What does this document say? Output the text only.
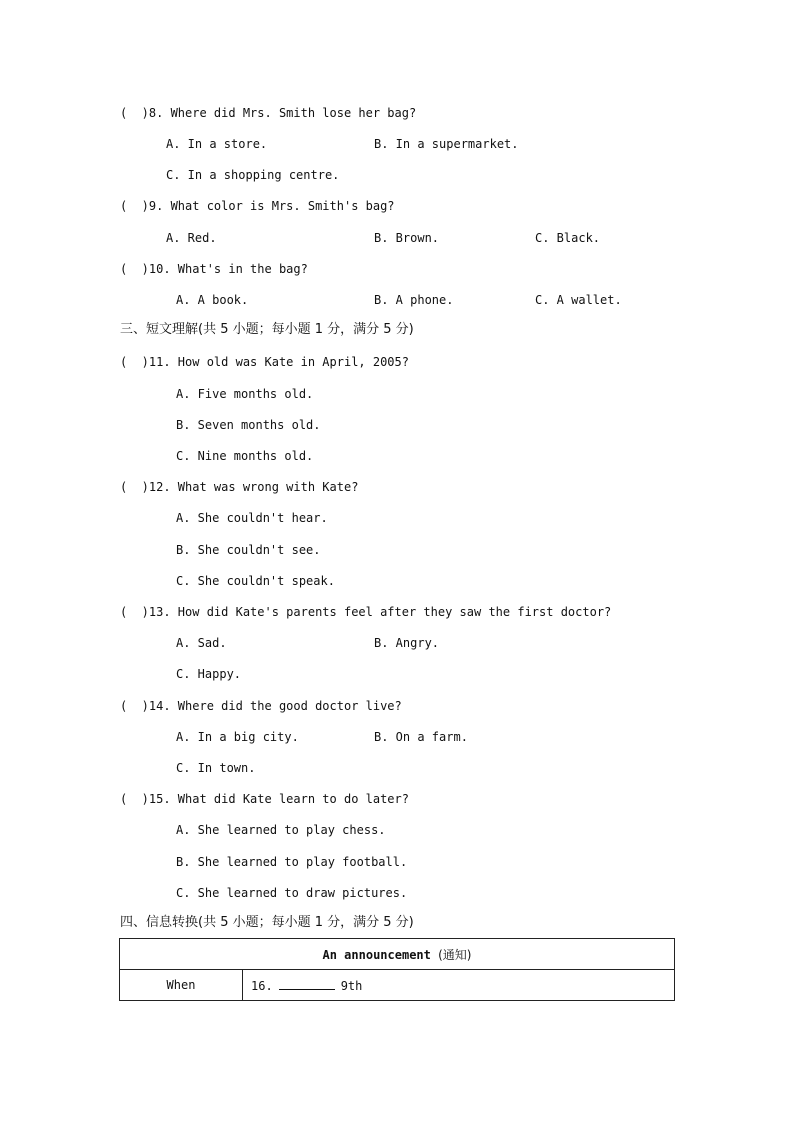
(  )8. Where did Mrs. Smith lose her bag?
A. In a store.	B. In a supermarket.
C. In a shopping centre.
(  )9. What color is Mrs. Smith's bag?
A. Red.	B. Brown.	C. Black.
(  )10. What's in the bag?
A. A book.	B. A phone.	C. A wallet.
三、短文理解(共 5 小题；每小题 1 分，满分 5 分)
(  )11. How old was Kate in April, 2005?
A. Five months old.
B. Seven months old.
C. Nine months old.
(  )12. What was wrong with Kate?
A. She couldn't hear.
B. She couldn't see.
C. She couldn't speak.
(  )13. How did Kate's parents feel after they saw the first doctor?
A. Sad.	B. Angry.
C. Happy.
(  )14. Where did the good doctor live?
A. In a big city.	B. On a farm.
C. In town.
(  )15. What did Kate learn to do later?
A. She learned to play chess.
B. She learned to play football.
C. She learned to draw pictures.
四、信息转换(共 5 小题；每小题 1 分，满分 5 分)
An announcement (通知)
When	16.	9th
